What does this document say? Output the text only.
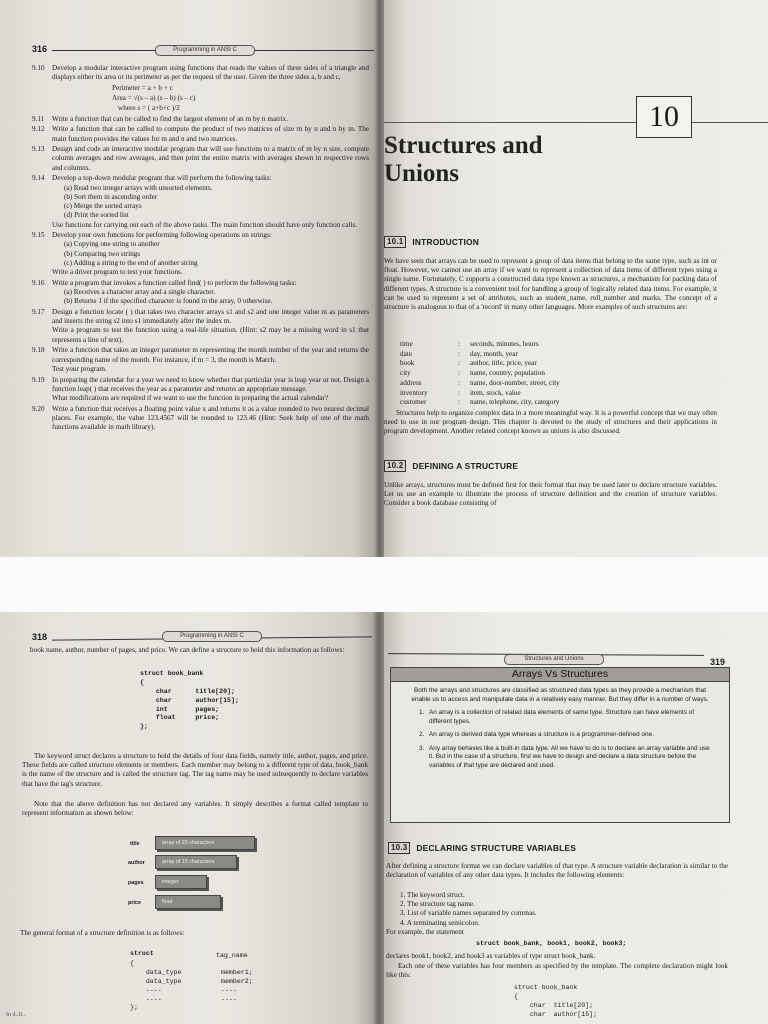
316	Programming in ANSI C
9.10	Develop a modular interactive program using functions that reads the values of three sides of a triangle and displays either its area or its perimeter as per the request of the user. Given the three sides a, b and c,
Perimeter = a + b + c
Area = √(s – a) (s – b) (s – c)
where s = ( a+b+c )/2
9.11	Write a function that can be called to find the largest element of an m by n matrix.
9.12	Write a function that can be called to compute the product of two matrices of size m by n and n by m. The main function provides the values for m and n and two matrices.
9.13	Design and code an interactive modular program that will use functions to a matrix of m by n size, compute column averages and row averages, and then print the entire matrix with averages shown in respective rows and columns.
9.14	Develop a top-down modular program that will perform the following tasks:
(a) Read two integer arrays with unsorted elements.
(b) Sort them in ascending order
(c) Merge the sorted arrays
(d) Print the sorted list
Use functions for carrying out each of the above tasks. The main function should have only function calls.
9.15	Develop your own functions for performing following operations on strings:
(a) Copying one string to another
(b) Comparing two strings
(c) Adding a string to the end of another string
Write a driver program to test your functions.
9.16	Write a program that invokes a function called find( ) to perform the following tasks:
(a) Receives a character array and a single character.
(b) Returns 1 if the specified character is found in the array, 0 otherwise.
9.17	Design a function locate ( ) that takes two character arrays s1 and s2 and one integer value m as parameters and inserts the string s2 into s1 immediately after the index m.
Write a program to test the function using a real-life situation. (Hint: s2 may be a missing word in s1 that represents a line of text).
9.18	Write a function that takes an integer parameter m representing the month number of the year and returns the corresponding name of the month. For instance, if m = 3, the month is March.
Test your program.
9.19	In preparing the calendar for a year we need to know whether that particular year is leap year or not. Design a function leap( ) that receives the year as a parameter and returns an appropriate message.
What modifications are required if we want to use the function in preparing the actual calendar?
9.20	Write a function that receives a floating point value x and returns it as a value rounded to two nearest decimal places. For example, the value 123.4567 will be rounded to 123.46 (Hint: Seek help of one of the math functions available in math library).
10
Structures and
Unions
10.1	INTRODUCTION
We have seen that arrays can be used to represent a group of data items that belong to the same type, such as int or float. However, we cannot use an array if we want to represent a collection of data items of different types using a single name. Fortunately, C supports a constructed data type known as structures, a mechanism for packing data of different types. A structure is a convenient tool for handling a group of logically related data items. For example, it can be used to represent a set of attributes, such as student_name, roll_number and marks. The concept of a structure is analogous to that of a 'record' in many other languages. More examples of such structures are:
time	:	seconds, minutes, hours
date	:	day, month, year
book	:	author, title, price, year
city	:	name, country, population
address	:	name, door-number, street, city
inventory	:	item, stock, value
customer	:	name, telephone, city, category
Structures help to organize complex data in a more meaningful way. It is a powerful concept that we may often need to use in our program design. This chapter is devoted to the study of structures and their applications in program development. Another related concept known as unions is also discussed.
10.2	DEFINING A STRUCTURE
Unlike arrays, structures must be defined first for their format that may be used later to declare structure variables. Let us use an example to illustrate the process of structure definition and the creation of structure variables. Consider a book database consisting of
318	Programming in ANSI C
book name, author, number of pages, and price. We can define a structure to hold this information as follows:
struct book_bank
{
char      title[20];
char      author[15];
int       pages;
float     price;
};
The keyword struct declares a structure to hold the details of four data fields, namely title, author, pages, and price. These fields are called structure elements or members. Each member may belong to a different type of data. book_bank is the name of the structure and is called the structure tag. The tag name may be used subsequently to declare variables that have the tag's structure.
Note that the above definition has not declared any variables. It simply describes a format called template to represent information as shown below:
title	array of 20 characters
author	array of 15 characters
pages	integer
price	float
The general format of a structure definition is as follows:
struct	tag_name
{
data_type          member1;
data_type          member2;
----               ----
----               ----
};
In d..fi..
Structures and Unions	319
Arrays Vs Structures
Both the arrays and structures are classified as structured data types as they provide a mechanism that enable us to access and manipulate data in a relatively easy manner. But they differ in a number of ways.
1. An array is a collection of related data elements of same type. Structure can have elements of different types.
2. An array is derived data type whereas a structure is a programmer-defined one.
3. Any array behaves like a built-in data type. All we have to do is to declare an array variable and use it. But in the case of a structure, first we have to design and declare a data structure before the variables of that type are declared and used.
10.3	DECLARING STRUCTURE VARIABLES
After defining a structure format we can declare variables of that type. A structure variable declaration is similar to the declaration of variables of any other data types. It includes the following elements:
1. The keyword struct.
2. The structure tag name.
3. List of variable names separated by commas.
4. A terminating semicolon.
For example, the statement
struct book_bank, book1, book2, book3;
declares book1, book2, and book3 as variables of type struct book_bank.
Each one of these variables has four members as specified by the template. The complete declaration might look like this:
struct book_bank
{
char  title[20];
char  author[15];
